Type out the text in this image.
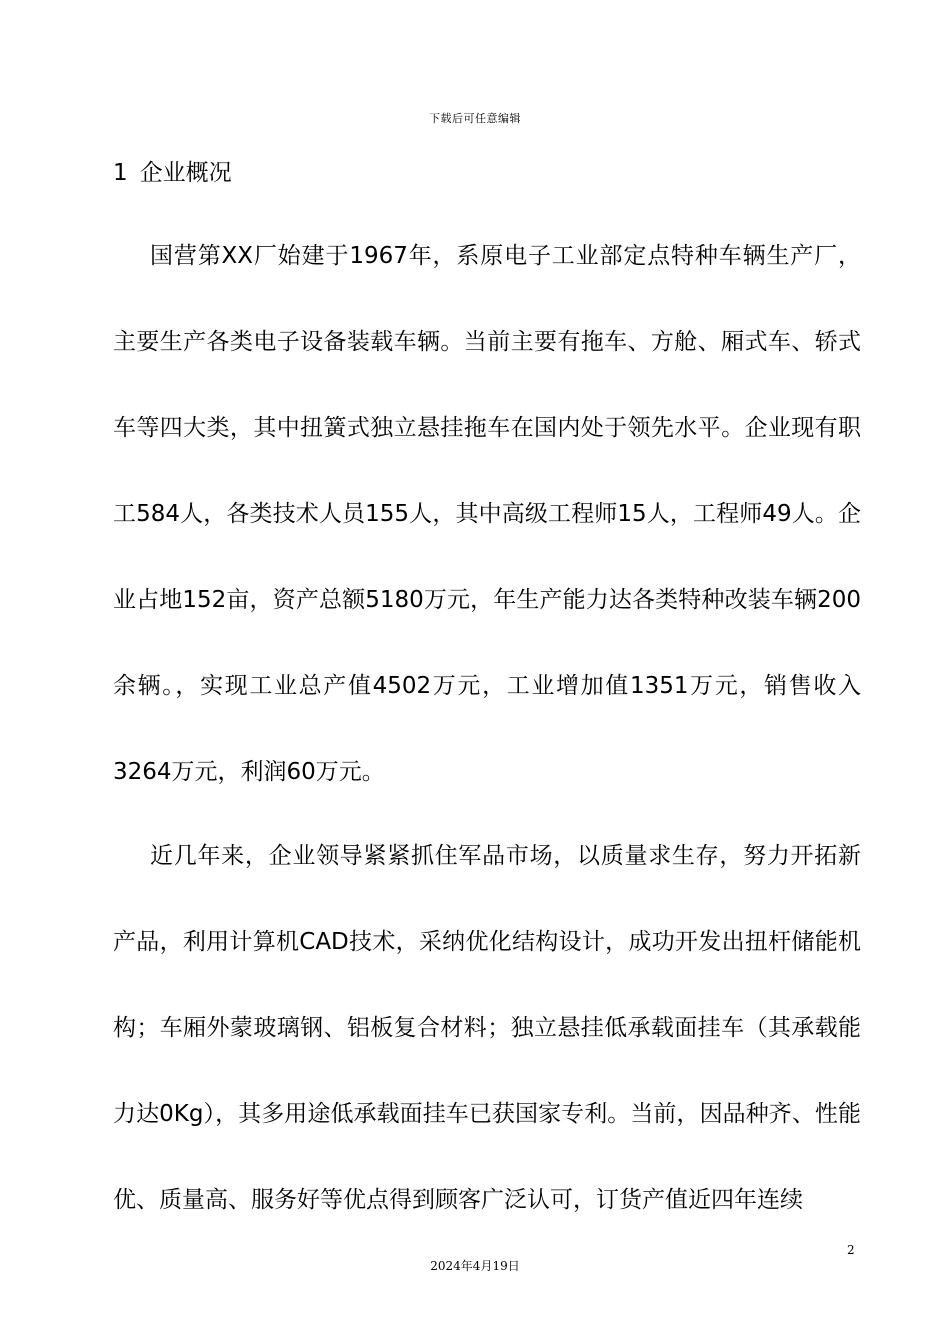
下载后可任意编辑
1 企业概况

国营第XX厂始建于1967年，系原电子工业部定点特种车辆生产厂，主要生产各类电子设备装载车辆。当前主要有拖车、方舱、厢式车、轿式车等四大类，其中扭簧式独立悬挂拖车在国内处于领先水平。企业现有职工584人，各类技术人员155人，其中高级工程师15人，工程师49人。企业占地152亩，资产总额5180万元，年生产能力达各类特种改装车辆200余辆。，实现工业总产值4502万元，工业增加值1351万元，销售收入3264万元，利润60万元。

近几年来，企业领导紧紧抓住军品市场，以质量求生存，努力开拓新产品，利用计算机CAD技术，采纳优化结构设计，成功开发出扭杆储能机构；车厢外蒙玻璃钢、铝板复合材料；独立悬挂低承载面挂车（其承载能力达0Kg），其多用途低承载面挂车已获国家专利。当前，因品种齐、性能优、质量高、服务好等优点得到顾客广泛认可，订货产值近四年连续

2
2024年4月19日
